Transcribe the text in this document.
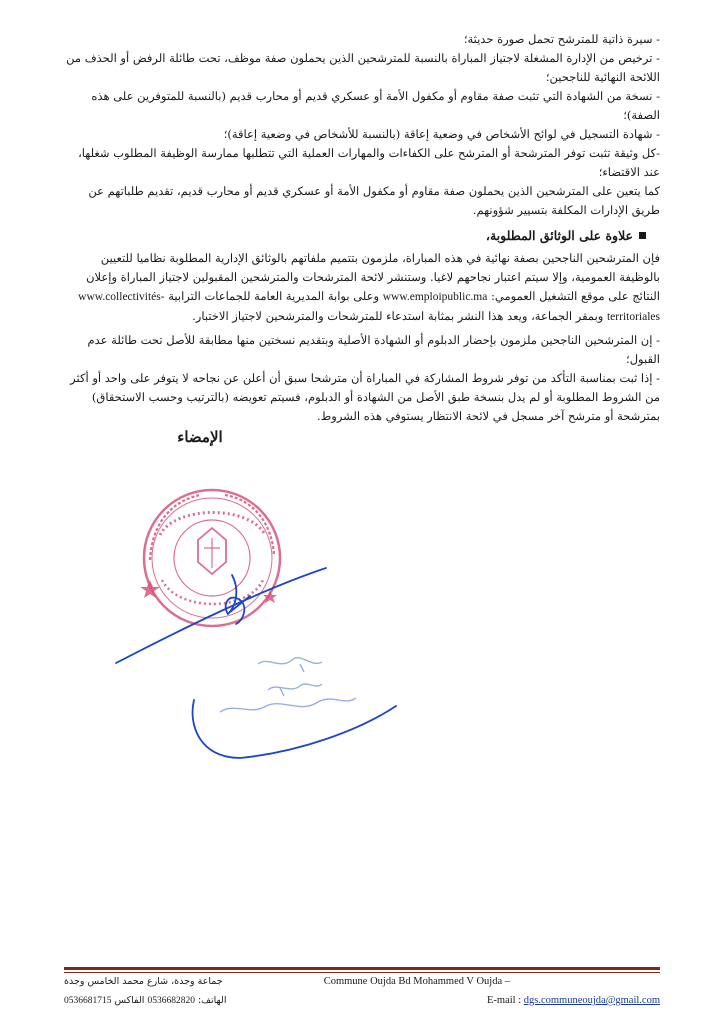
- سيرة ذاتية للمترشح تحمل صورة حديثة؛

- ترخيص من الإدارة المشغلة لاجتياز المباراة بالنسبة للمترشحين الذين يحملون صفة موظف، تحت طائلة الرفض أو الحذف من اللائحة النهائية للناجحين؛

- نسخة من الشهادة التي تثبت صفة مقاوم أو مكفول الأمة أو عسكري قديم أو محارب قديم (بالنسبة للمتوفرين على هذه الصفة)؛

- شهادة التسجيل في لوائح الأشخاص في وضعية إعاقة (بالنسبة للأشخاص في وضعية إعاقة)؛

-كل وثيقة تثبت توفر المترشحة أو المترشح على الكفاءات والمهارات العملية التي تتطلبها ممارسة الوظيفة المطلوب شغلها، عند الاقتضاء؛

كما يتعين على المترشحين الذين يحملون صفة مقاوم أو مكفول الأمة أو عسكري قديم أو محارب قديم، تقديم طلباتهم عن طريق الإدارات المكلفة بتسيير شؤونهم.

علاوة على الوثائق المطلوبة،

فإن المترشحين الناجحين بصفة نهائية في هذه المباراة، ملزمون بتتميم ملفاتهم بالوثائق الإدارية المطلوبة نظاميا للتعيين بالوظيفة العمومية، وإلا سيتم اعتبار نجاحهم لاغيا. وستنشر لائحة المترشحات والمترشحين المقبولين لاجتياز المباراة وإعلان النتائج على موقع التشغيل العمومي: www.emploipublic.ma وعلى بوابة المديرية العامة للجماعات الترابية www.collectivités-territoriales وبمقر الجماعة، ويعد هذا النشر بمثابة استدعاء للمترشحات والمترشحين لاجتياز الاختبار.

- إن المترشحين الناجحين ملزمون بإحضار الدبلوم أو الشهادة الأصلية وبتقديم نسختين منها مطابقة للأصل تحت طائلة عدم القبول؛

- إذا ثبت بمناسبة التأكد من توفر شروط المشاركة في المباراة أن مترشحا سبق أن أعلن عن نجاحه لا يتوفر على واحد أو أكثر من الشروط المطلوبة أو لم يدل بنسخة طبق الأصل من الشهادة أو الدبلوم، فسيتم تعويضه (بالترتيب وحسب الاستحقاق) بمترشحة أو مترشح آخر مسجل في لائحة الانتظار يستوفي هذه الشروط.

الإمضاء
جماعة وجدة، شارع محمد الخامس وجدة	Commune Oujda Bd Mohammed V Oujda –
الهاتف: 0536682820 الفاكس 0536681715	E-mail : dgs.communeoujda@gmail.com
